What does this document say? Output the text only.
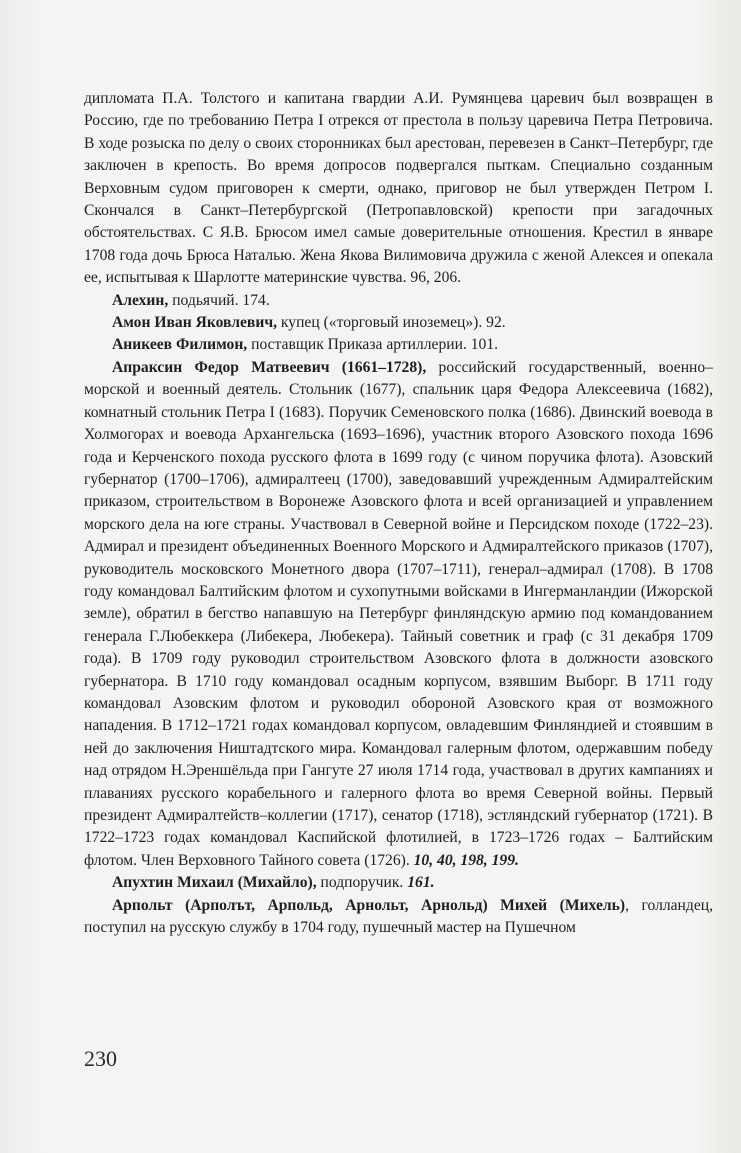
дипломата П.А. Толстого и капитана гвардии А.И. Румянцева царевич был возвращен в Россию, где по требованию Петра I отрекся от престола в пользу царевича Петра Петровича. В ходе розыска по делу о своих сторонниках был арестован, перевезен в Санкт–Петербург, где заключен в крепость. Во время допросов подвергался пыткам. Специально созданным Верховным судом приговорен к смерти, однако, приговор не был утвержден Петром I. Скончался в Санкт–Петербургской (Петропавловской) крепости при загадочных обстоятельствах. С Я.В. Брюсом имел самые доверительные отношения. Крестил в январе 1708 года дочь Брюса Наталью. Жена Якова Вилимовича дружила с женой Алексея и опекала ее, испытывая к Шарлотте материнские чувства. 96, 206.

Алехин, подьячий. 174.

Амон Иван Яковлевич, купец («торговый иноземец»). 92.

Аникеев Филимон, поставщик Приказа артиллерии. 101.

Апраксин Федор Матвеевич (1661–1728), российский государственный, военно–морской и военный деятель. Стольник (1677), спальник царя Федора Алексеевича (1682), комнатный стольник Петра I (1683). Поручик Семеновского полка (1686). Двинский воевода в Холмогорах и воевода Архангельска (1693–1696), участник второго Азовского похода 1696 года и Керченского похода русского флота в 1699 году (с чином поручика флота). Азовский губернатор (1700–1706), адмиралтеец (1700), заведовавший учрежденным Адмиралтейским приказом, строительством в Воронеже Азовского флота и всей организацией и управлением морского дела на юге страны. Участвовал в Северной войне и Персидском походе (1722–23). Адмирал и президент объединенных Военного Морского и Адмиралтейского приказов (1707), руководитель московского Монетного двора (1707–1711), генерал–адмирал (1708). В 1708 году командовал Балтийским флотом и сухопутными войсками в Ингерманландии (Ижорской земле), обратил в бегство напавшую на Петербург финляндскую армию под командованием генерала Г.Любеккера (Либекера, Любекера). Тайный советник и граф (с 31 декабря 1709 года). В 1709 году руководил строительством Азовского флота в должности азовского губернатора. В 1710 году командовал осадным корпусом, взявшим Выборг. В 1711 году командовал Азовским флотом и руководил обороной Азовского края от возможного нападения. В 1712–1721 годах командовал корпусом, овладевшим Финляндией и стоявшим в ней до заключения Ништадтского мира. Командовал галерным флотом, одержавшим победу над отрядом Н.Эреншёльда при Гангуте 27 июля 1714 года, участвовал в других кампаниях и плаваниях русского корабельного и галерного флота во время Северной войны. Первый президент Адмиралтейств–коллегии (1717), сенатор (1718), эстляндский губернатор (1721). В 1722–1723 годах командовал Каспийской флотилией, в 1723–1726 годах – Балтийским флотом. Член Верховного Тайного совета (1726). 10, 40, 198, 199.

Апухтин Михаил (Михайло), подпоручик. 161.

Арпольт (Арполът, Арпольд, Арнольт, Арнольд) Михей (Михель), голландец, поступил на русскую службу в 1704 году, пушечный мастер на Пушечном

230
